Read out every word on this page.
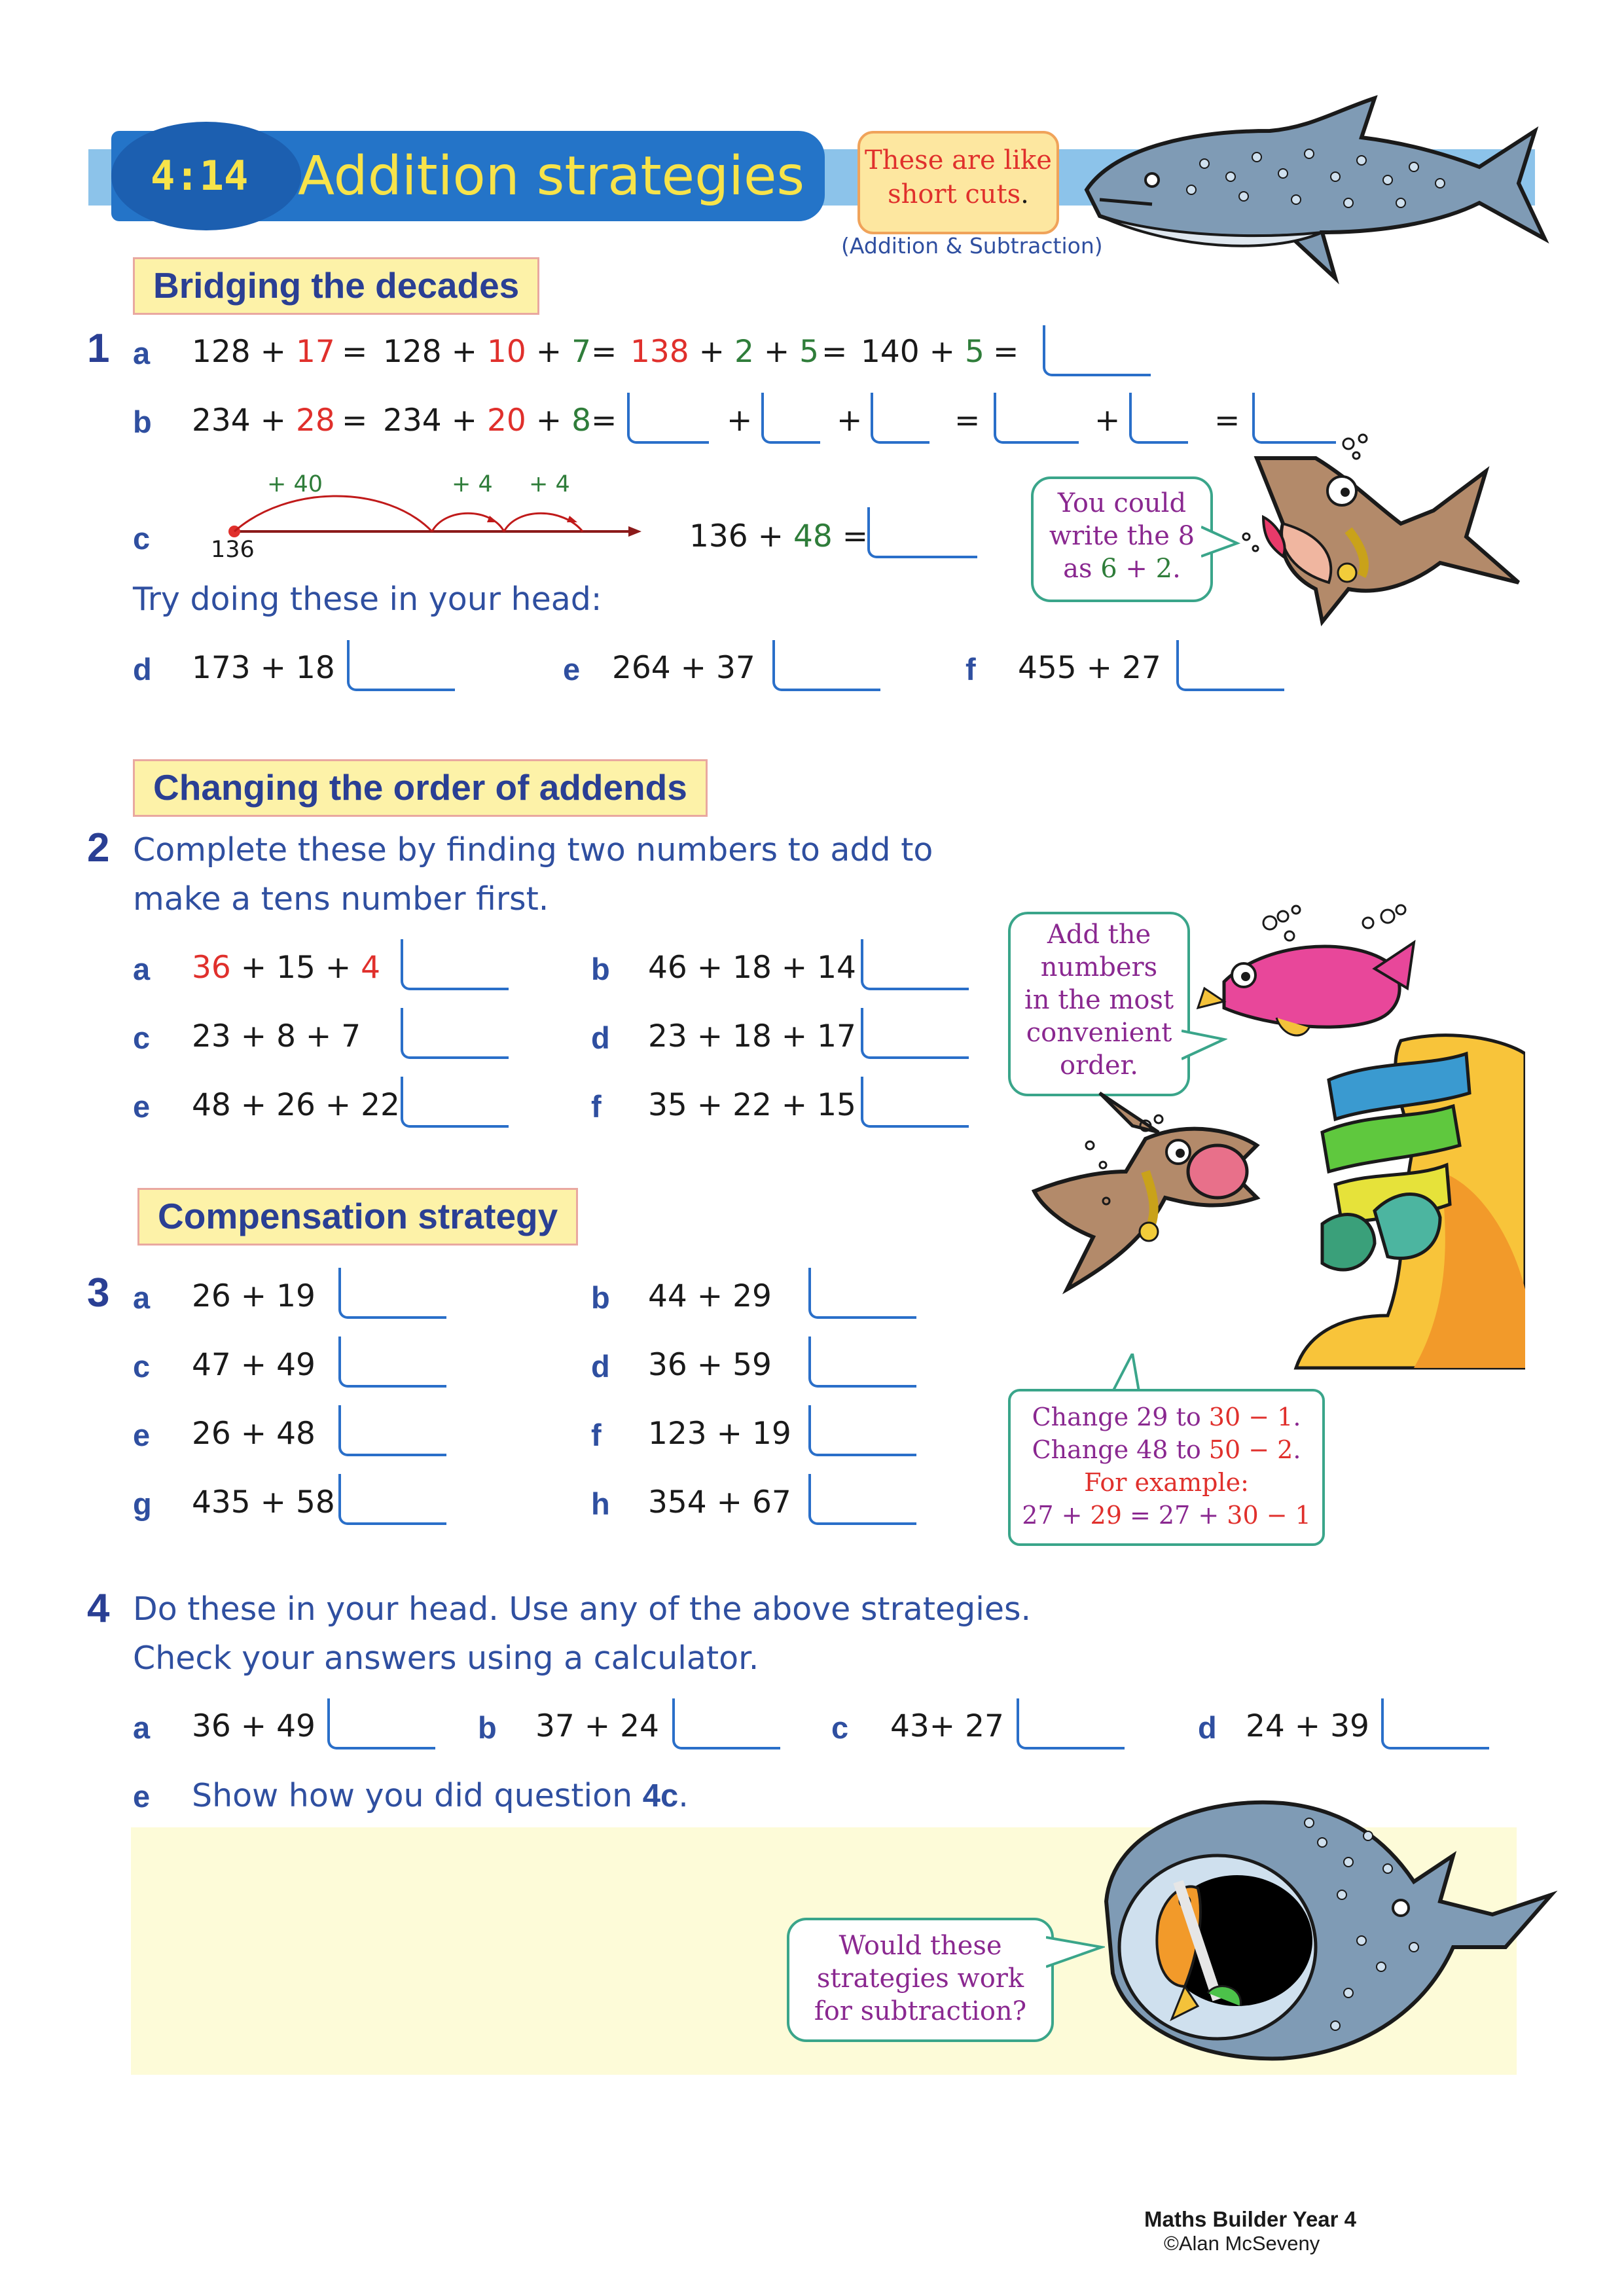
4:14 Addition strategies These are like
short cuts.
(Addition & Subtraction)
Bridging the decades
1 a 128 + 17 = 128 + 10 + 7 = 138 + 2 + 5 = 140 + 5 =
b 234 + 28 = 234 + 20 + 8 =	+	+	=	+	=
c
+ 40	+ 4 + 4
136	136 + 48 =
You could
write the 8
as 6 + 2.
Try doing these in your head:
d 173 + 18	e 264 + 37	f 455 + 27
Changing the order of addends
2 Complete these by finding two numbers to add to
make a tens number first.
a 36 + 15 + 4	b 46 + 18 + 14
c 23 + 8 + 7	d 23 + 18 + 17
e 48 + 26 + 22	f 35 + 22 + 15
Add the
numbers
in the most
convenient
order.
Compensation strategy
3 a 26 + 19	b 44 + 29
c 47 + 49	d 36 + 59
e 26 + 48	f 123 + 19
g 435 + 58	h 354 + 67
Change 29 to 30 − 1.
Change 48 to 50 − 2.
For example:
27 + 29 = 27 + 30 − 1
4 Do these in your head. Use any of the above strategies.
Check your answers using a calculator.
a 36 + 49	b 37 + 24	c 43+ 27	d 24 + 39
e Show how you did question 4c.
Would these
strategies work
for subtraction?
Maths Builder Year 4
©Alan McSeveny
